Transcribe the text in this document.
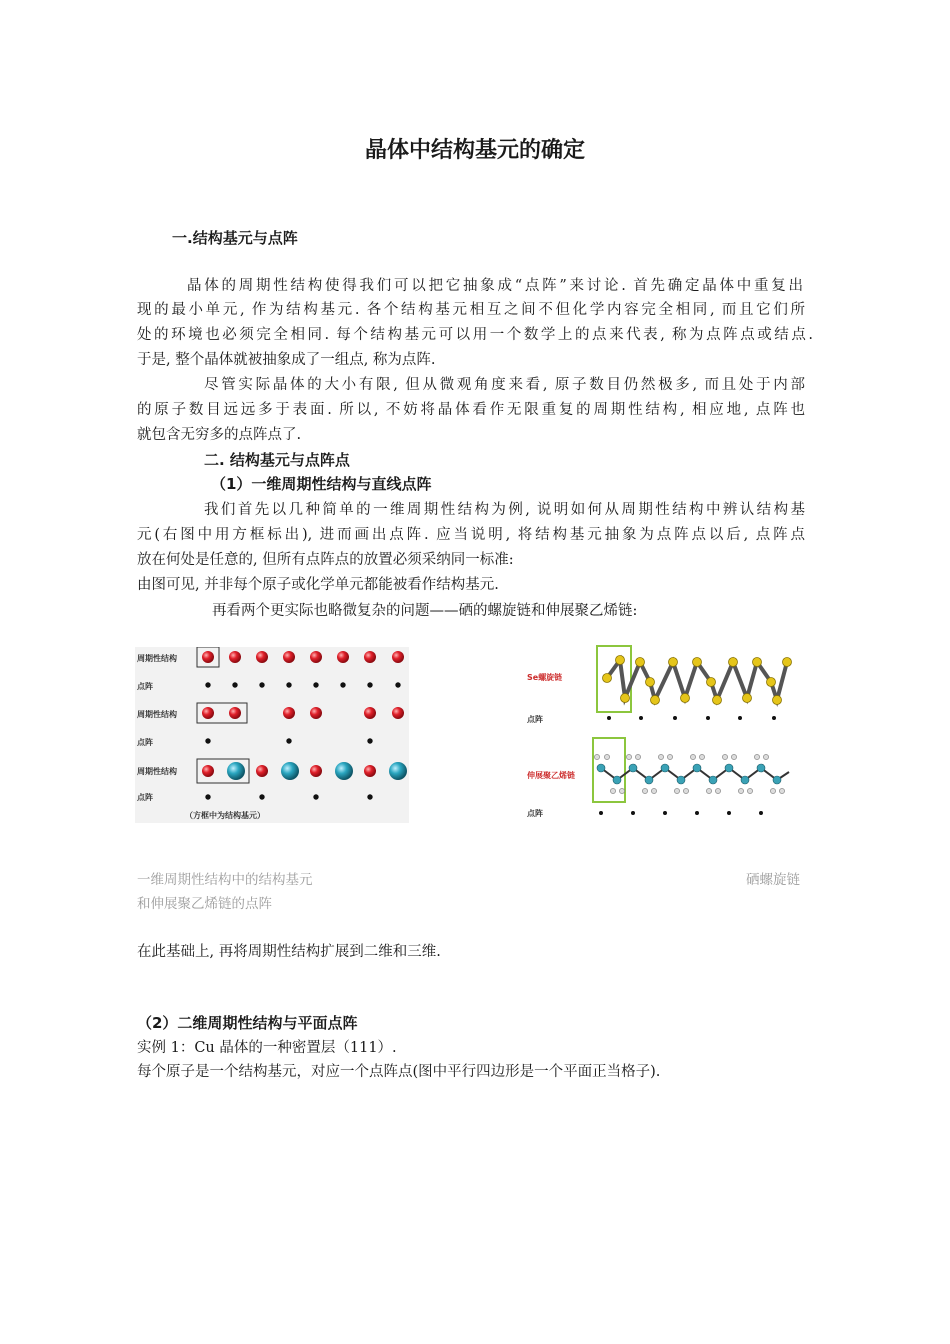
晶体中结构基元的确定
一.结构基元与点阵
晶体的周期性结构使得我们可以把它抽象成“点阵”来讨论. 首先确定晶体中重复出
现的最小单元, 作为结构基元. 各个结构基元相互之间不但化学内容完全相同, 而且它们所
处的环境也必须完全相同. 每个结构基元可以用一个数学上的点来代表, 称为点阵点或结点.
于是, 整个晶体就被抽象成了一组点, 称为点阵.
尽管实际晶体的大小有限, 但从微观角度来看, 原子数目仍然极多, 而且处于内部
的原子数目远远多于表面. 所以, 不妨将晶体看作无限重复的周期性结构, 相应地, 点阵也
就包含无穷多的点阵点了.
二. 结构基元与点阵点
（1）一维周期性结构与直线点阵
我们首先以几种简单的一维周期性结构为例, 说明如何从周期性结构中辨认结构基
元(右图中用方框标出), 进而画出点阵. 应当说明, 将结构基元抽象为点阵点以后, 点阵点
放在何处是任意的, 但所有点阵点的放置必须采纳同一标准:
由图可见, 并非每个原子或化学单元都能被看作结构基元.
再看两个更实际也略微复杂的问题——硒的螺旋链和伸展聚乙烯链:
周期性结构
点阵
周期性结构
点阵
周期性结构
点阵
（方框中为结构基元）
Se螺旋链
点阵
伸展聚乙烯链
点阵
一维周期性结构中的结构基元	硒螺旋链
和伸展聚乙烯链的点阵
在此基础上, 再将周期性结构扩展到二维和三维.
（2）二维周期性结构与平面点阵
实例 1：Cu 晶体的一种密置层（111）.
每个原子是一个结构基元，对应一个点阵点(图中平行四边形是一个平面正当格子).
